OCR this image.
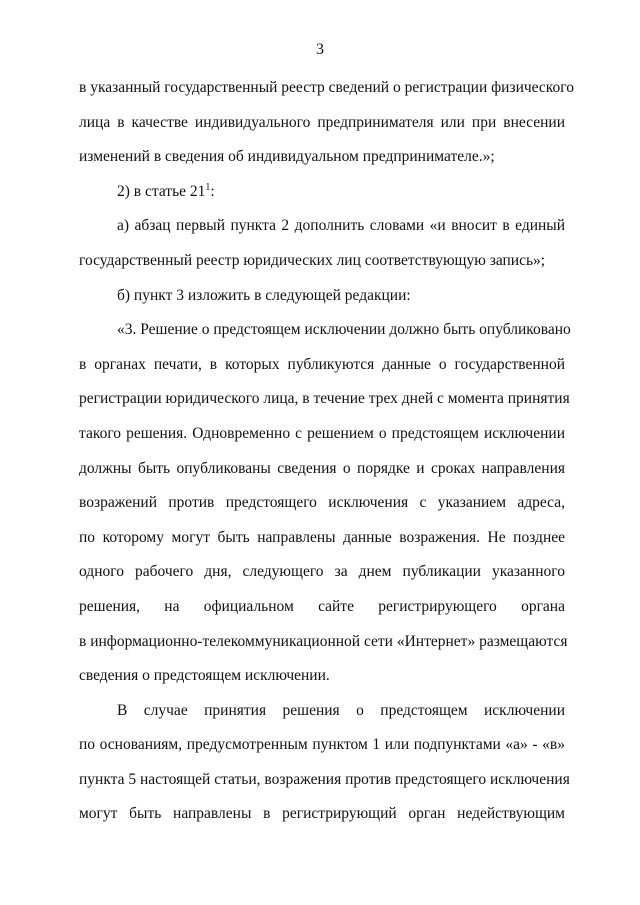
3
в указанный государственный реестр сведений о регистрации физического
лица в качестве индивидуального предпринимателя или при внесении
изменений в сведения об индивидуальном предпринимателе.»;
2) в статье $21^1$:
а) абзац первый пункта 2 дополнить словами «и вносит в единый
государственный реестр юридических лиц соответствующую запись»;
б) пункт 3 изложить в следующей редакции:
«3. Решение о предстоящем исключении должно быть опубликовано
в органах печати, в которых публикуются данные о государственной
регистрации юридического лица, в течение трех дней с момента принятия
такого решения. Одновременно с решением о предстоящем исключении
должны быть опубликованы сведения о порядке и сроках направления
возражений против предстоящего исключения с указанием адреса,
по которому могут быть направлены данные возражения. Не позднее
одного рабочего дня, следующего за днем публикации указанного
решения, на официальном сайте регистрирующего органа
в информационно-телекоммуникационной сети «Интернет» размещаются
сведения о предстоящем исключении.
В случае принятия решения о предстоящем исключении
по основаниям, предусмотренным пунктом 1 или подпунктами «а» - «в»
пункта 5 настоящей статьи, возражения против предстоящего исключения
могут быть направлены в регистрирующий орган недействующим
